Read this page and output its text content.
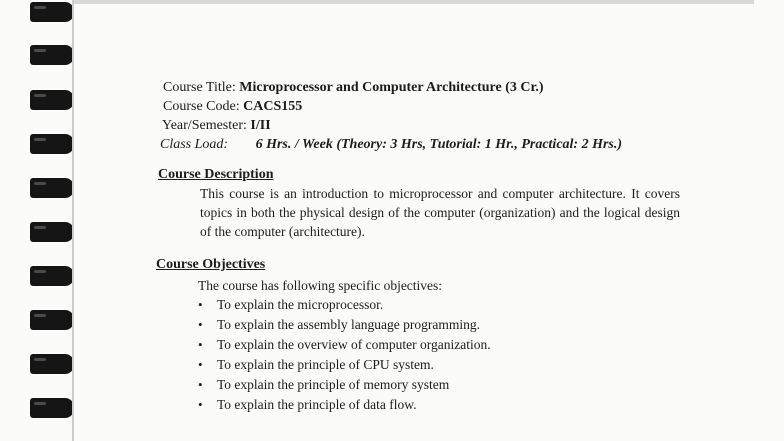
Course Title: Microprocessor and Computer Architecture (3 Cr.)
Course Code: CACS155
Year/Semester: I/II
Class Load: 6 Hrs. / Week (Theory: 3 Hrs, Tutorial: 1 Hr., Practical: 2 Hrs.)
Course Description
This course is an introduction to microprocessor and computer architecture. It covers topics in both the physical design of the computer (organization) and the logical design of the computer (architecture).
Course Objectives
The course has following specific objectives:
• To explain the microprocessor.
• To explain the assembly language programming.
• To explain the overview of computer organization.
• To explain the principle of CPU system.
• To explain the principle of memory system
• To explain the principle of data flow.
